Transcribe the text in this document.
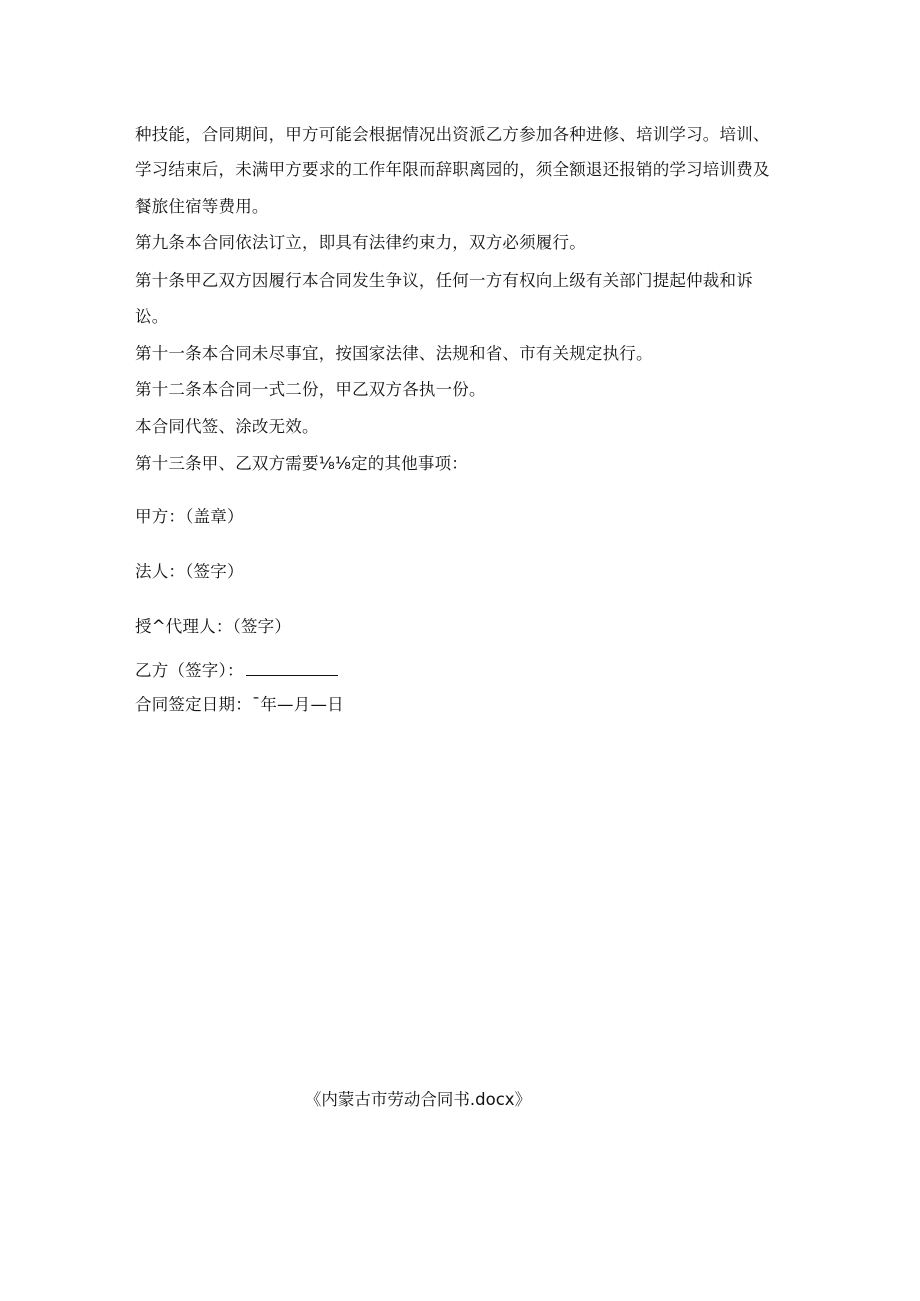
种技能，合同期间，甲方可能会根据情况出资派乙方参加各种进修、培训学习。培训、
学习结束后，未满甲方要求的工作年限而辞职离园的，须全额退还报销的学习培训费及
餐旅住宿等费用。
第九条本合同依法订立，即具有法律约束力，双方必须履行。
第十条甲乙双方因履行本合同发生争议，任何一方有权向上级有关部门提起仲裁和诉
讼。
第十一条本合同未尽事宜，按国家法律、法规和省、市有关规定执行。
第十二条本合同一式二份，甲乙双方各执一份。
本合同代签、涂改无效。
第十三条甲、乙双方需要⅛⅛定的其他事项：
甲方：（盖章）
法人：（签字）
授^代理人：（签字）
乙方（签字）：
合同签定日期：¯年—月—日
《内蒙古市劳动合同书.docx》
